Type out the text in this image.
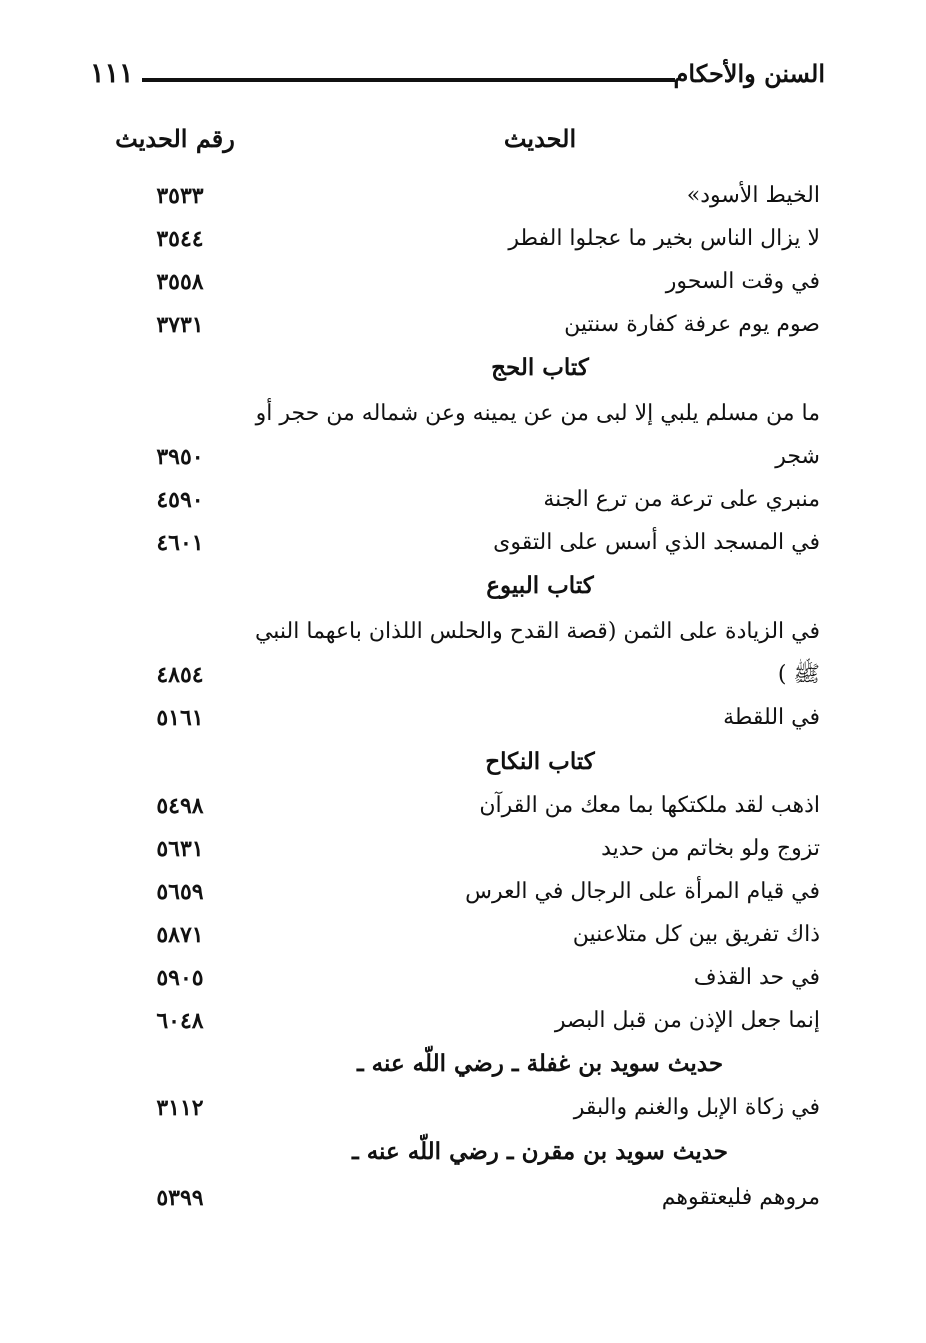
١١١	السنن والأحكام
الحديث
رقم الحديث
الخيط الأسود»
٣٥٣٣
لا يزال الناس بخير ما عجلوا الفطر
٣٥٤٤
في وقت السحور
٣٥٥٨
صوم يوم عرفة كفارة سنتين
٣٧٣١
كتاب الحج
ما من مسلم يلبي إلا لبى من عن يمينه وعن شماله من حجر أو
شجر
٣٩٥٠
منبري على ترعة من ترع الجنة
٤٥٩٠
في المسجد الذي أسس على التقوى
٤٦٠١
كتاب البيوع
في الزيادة على الثمن (قصة القدح والحلس اللذان باعهما النبي
ﷺ )
٤٨٥٤
في اللقطة
٥١٦١
كتاب النكاح
اذهب لقد ملكتكها بما معك من القرآن
٥٤٩٨
تزوج ولو بخاتم من حديد
٥٦٣١
في قيام المرأة على الرجال في العرس
٥٦٥٩
ذاك تفريق بين كل متلاعنين
٥٨٧١
في حد القذف
٥٩٠٥
إنما جعل الإذن من قبل البصر
٦٠٤٨
حديث سويد بن غفلة ـ رضي اللّه عنه ـ
في زكاة الإبل والغنم والبقر
٣١١٢
حديث سويد بن مقرن ـ رضي اللّه عنه ـ
مروهم فليعتقوهم
٥٣٩٩
